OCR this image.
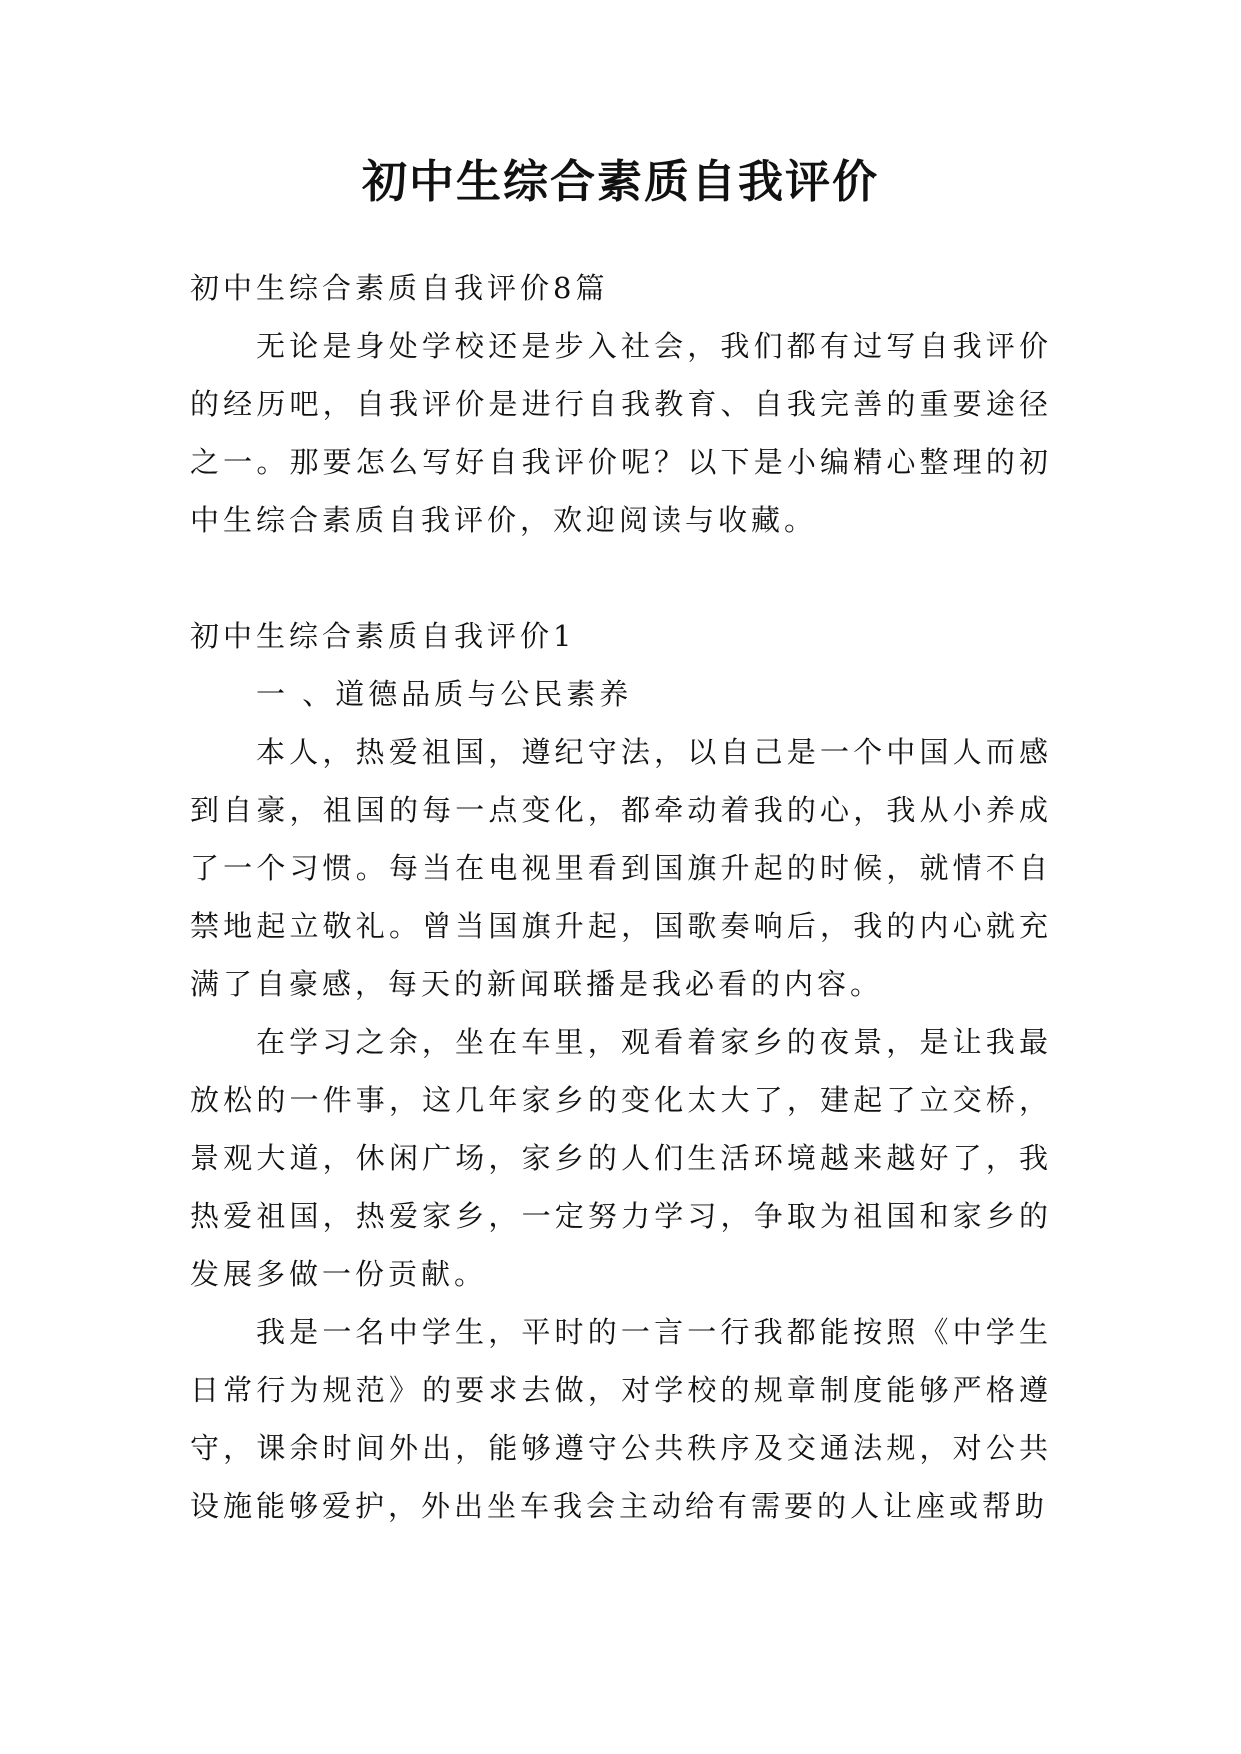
初中生综合素质自我评价

初中生综合素质自我评价8篇

无论是身处学校还是步入社会，我们都有过写自我评价的经历吧，自我评价是进行自我教育、自我完善的重要途径之一。那要怎么写好自我评价呢？以下是小编精心整理的初中生综合素质自我评价，欢迎阅读与收藏。

初中生综合素质自我评价1

一 、道德品质与公民素养

本人，热爱祖国，遵纪守法，以自己是一个中国人而感到自豪，祖国的每一点变化，都牵动着我的心，我从小养成了一个习惯。每当在电视里看到国旗升起的时候，就情不自禁地起立敬礼。曾当国旗升起，国歌奏响后，我的内心就充满了自豪感，每天的新闻联播是我必看的内容。

在学习之余，坐在车里，观看着家乡的夜景，是让我最放松的一件事，这几年家乡的变化太大了，建起了立交桥，景观大道，休闲广场，家乡的人们生活环境越来越好了，我热爱祖国，热爱家乡，一定努力学习，争取为祖国和家乡的发展多做一份贡献。

我是一名中学生，平时的一言一行我都能按照《中学生日常行为规范》的要求去做，对学校的规章制度能够严格遵守，课余时间外出，能够遵守公共秩序及交通法规，对公共设施能够爱护，外出坐车我会主动给有需要的人让座或帮助
